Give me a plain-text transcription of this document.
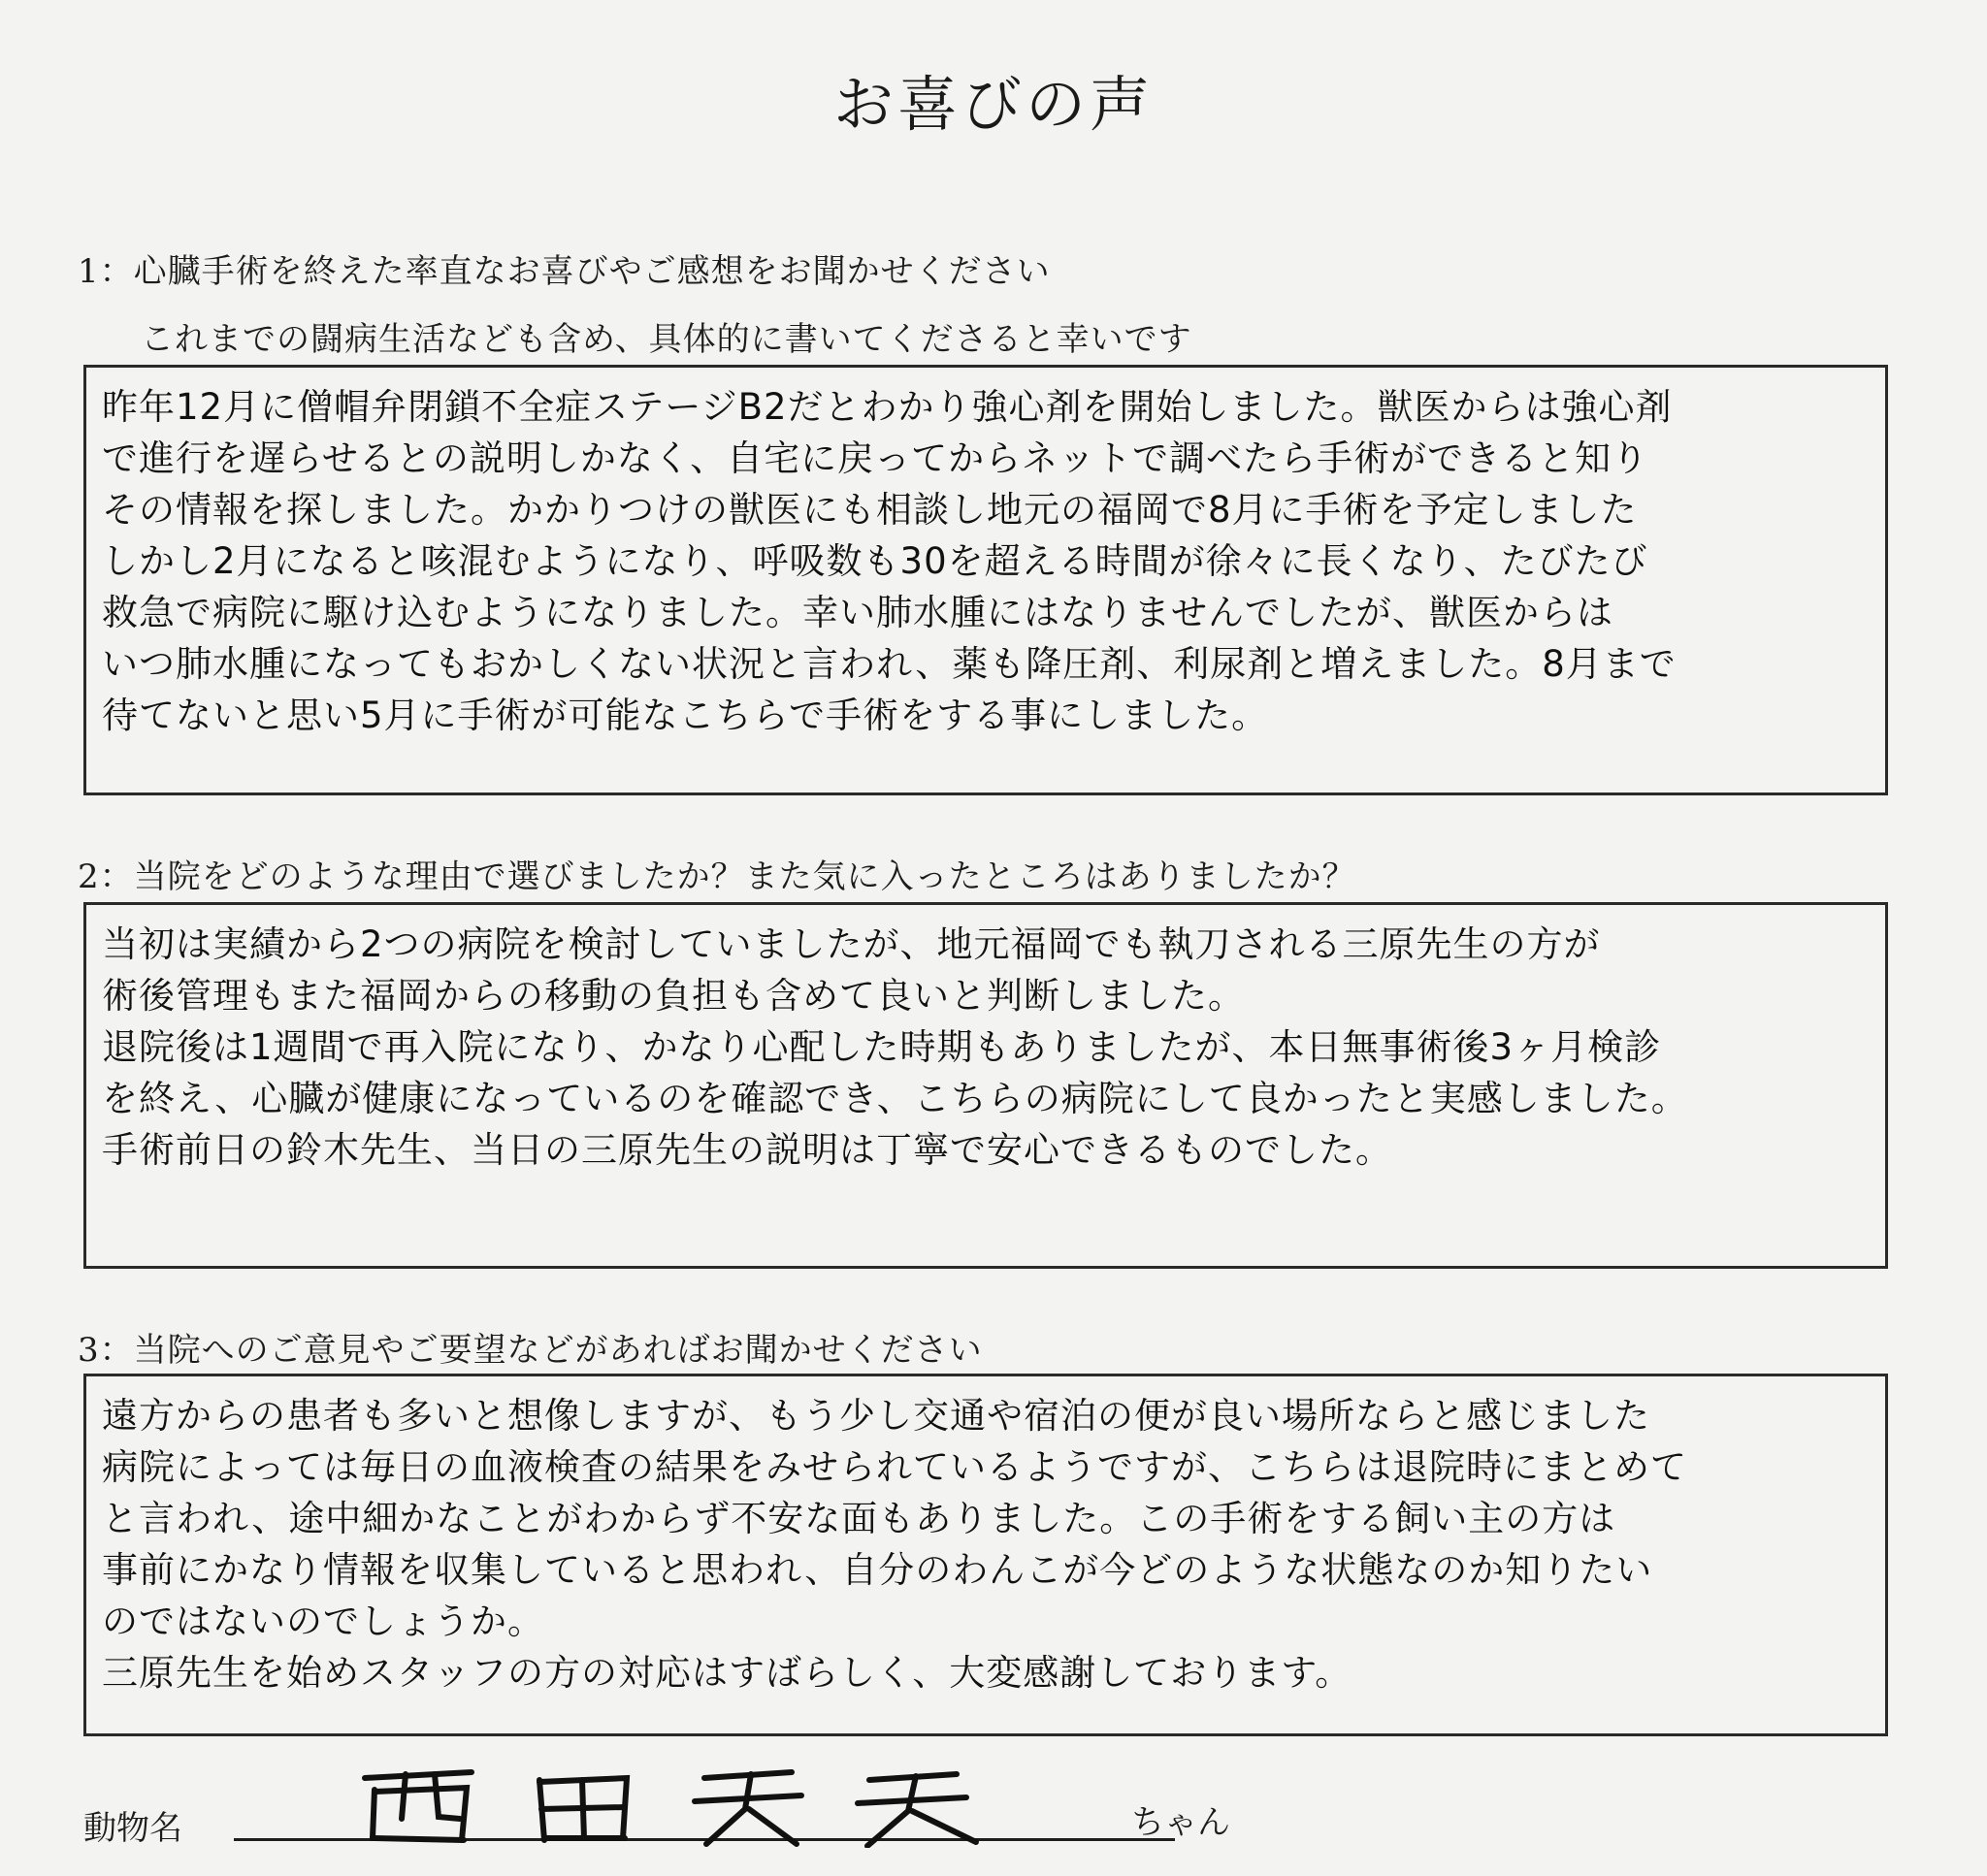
お喜びの声
1：心臓手術を終えた率直なお喜びやご感想をお聞かせください
これまでの闘病生活なども含め、具体的に書いてくださると幸いです
昨年12月に僧帽弁閉鎖不全症ステージB2だとわかり強心剤を開始しました。獣医からは強心剤
で進行を遅らせるとの説明しかなく、自宅に戻ってからネットで調べたら手術ができると知り
その情報を探しました。かかりつけの獣医にも相談し地元の福岡で8月に手術を予定しました
しかし2月になると咳混むようになり、呼吸数も30を超える時間が徐々に長くなり、たびたび
救急で病院に駆け込むようになりました。幸い肺水腫にはなりませんでしたが、獣医からは
いつ肺水腫になってもおかしくない状況と言われ、薬も降圧剤、利尿剤と増えました。8月まで
待てないと思い5月に手術が可能なこちらで手術をする事にしました。
2：当院をどのような理由で選びましたか？また気に入ったところはありましたか？
当初は実績から2つの病院を検討していましたが、地元福岡でも執刀される三原先生の方が
術後管理もまた福岡からの移動の負担も含めて良いと判断しました。
退院後は1週間で再入院になり、かなり心配した時期もありましたが、本日無事術後3ヶ月検診
を終え、心臓が健康になっているのを確認でき、こちらの病院にして良かったと実感しました。
手術前日の鈴木先生、当日の三原先生の説明は丁寧で安心できるものでした。
3：当院へのご意見やご要望などがあればお聞かせください
遠方からの患者も多いと想像しますが、もう少し交通や宿泊の便が良い場所ならと感じました
病院によっては毎日の血液検査の結果をみせられているようですが、こちらは退院時にまとめて
と言われ、途中細かなことがわからず不安な面もありました。この手術をする飼い主の方は
事前にかなり情報を収集していると思われ、自分のわんこが今どのような状態なのか知りたい
のではないのでしょうか。
三原先生を始めスタッフの方の対応はすばらしく、大変感謝しております。
動物名	ちゃん
